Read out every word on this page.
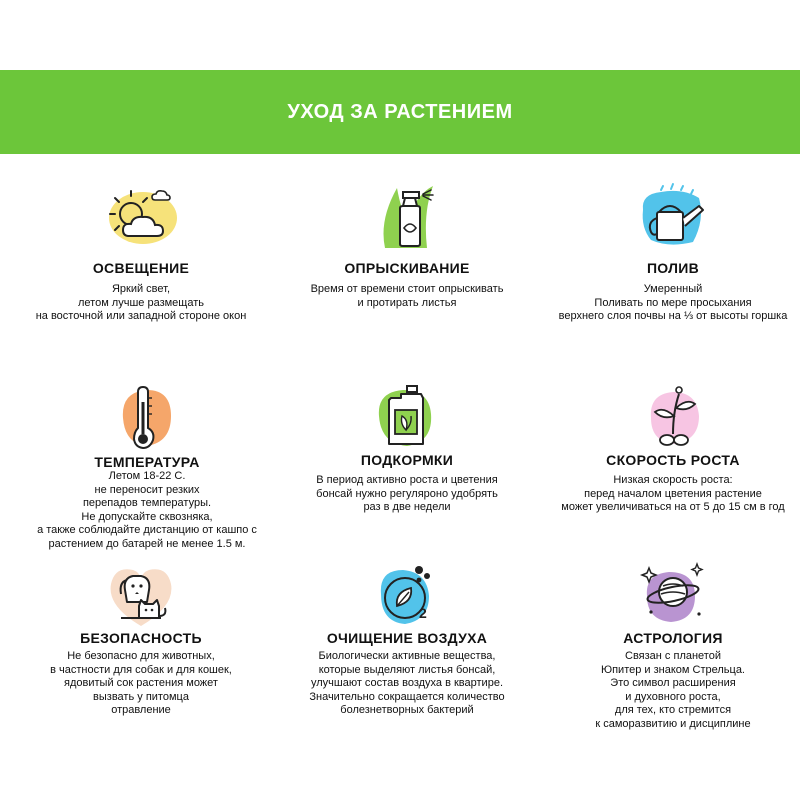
УХОД ЗА РАСТЕНИЕМ
ОСВЕЩЕНИЕ
Яркий свет,
летом лучше размещать
на восточной или западной стороне окон
ОПРЫСКИВАНИЕ
Время от времени стоит опрыскивать
и протирать листья
ПОЛИВ
Умеренный
Поливать по мере просыхания
верхнего слоя почвы на ⅓ от высоты горшка
ТЕМПЕРАТУРА
Летом 18-22 С.
не переносит резких
перепадов температуры.
Не допускайте сквозняка,
а также соблюдайте дистанцию от кашпо с
растением до батарей не менее 1.5 м.
ПОДКОРМКИ
В период активно роста и цветения
бонсай нужно регуляроно удобрять
раз в две недели
СКОРОСТЬ РОСТА
Низкая скорость роста:
перед началом цветения растение
может увеличиваться на от 5 до 15 см в год
БЕЗОПАСНОСТЬ
Не безопасно для животных,
в частности для собак и для кошек,
ядовитый сок растения может
вызвать у питомца
отравление
2
ОЧИЩЕНИЕ ВОЗДУХА
Биологически активные вещества,
которые выделяют листья бонсай,
улучшают состав воздуха в квартире.
Значительно сокращается количество
болезнетворных бактерий
АСТРОЛОГИЯ
Связан с планетой
Юпитер и знаком Стрельца.
Это символ расширения
и духовного роста,
для тех, кто стремится
к саморазвитию и дисциплине
